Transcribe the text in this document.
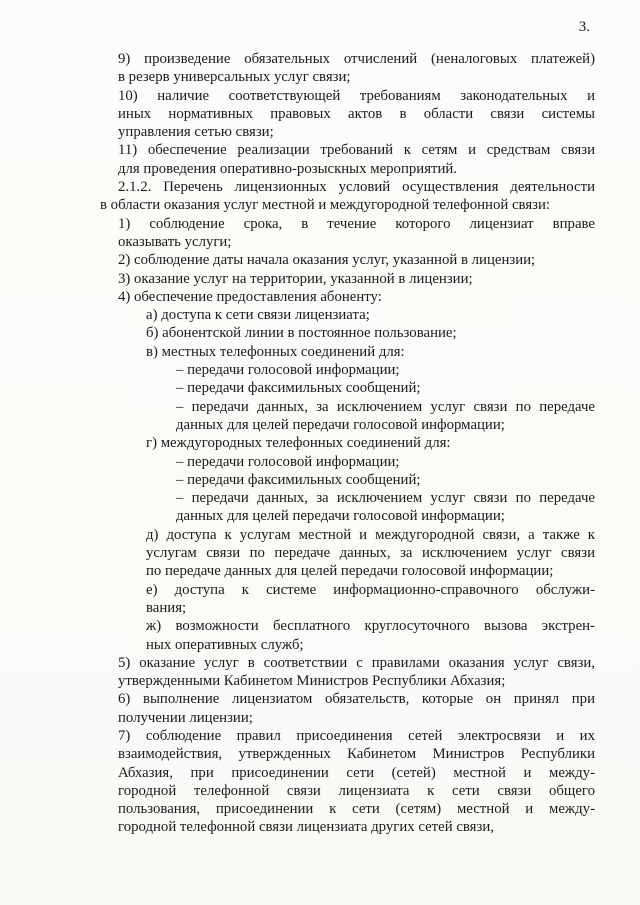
3.
9) произведение обязательных отчислений (неналоговых платежей)
в резерв универсальных услуг связи;
10) наличие соответствующей требованиям законодательных и
иных нормативных правовых актов в области связи системы
управления сетью связи;
11) обеспечение реализации требований к сетям и средствам связи
для проведения оперативно-розыскных мероприятий.
2.1.2. Перечень лицензионных условий осуществления деятельности
в области оказания услуг местной и междугородной телефонной связи:
1) соблюдение срока, в течение которого лицензиат вправе
оказывать услуги;
2) соблюдение даты начала оказания услуг, указанной в лицензии;
3) оказание услуг на территории, указанной в лицензии;
4) обеспечение предоставления абоненту:
а) доступа к сети связи лицензиата;
б) абонентской линии в постоянное пользование;
в) местных телефонных соединений для:
– передачи голосовой информации;
– передачи факсимильных сообщений;
– передачи данных, за исключением услуг связи по передаче
данных для целей передачи голосовой информации;
г) междугородных телефонных соединений для:
– передачи голосовой информации;
– передачи факсимильных сообщений;
– передачи данных, за исключением услуг связи по передаче
данных для целей передачи голосовой информации;
д) доступа к услугам местной и междугородной связи, а также к
услугам связи по передаче данных, за исключением услуг связи
по передаче данных для целей передачи голосовой информации;
е) доступа к системе информационно-справочного обслужи-
вания;
ж) возможности бесплатного круглосуточного вызова экстрен-
ных оперативных служб;
5) оказание услуг в соответствии с правилами оказания услуг связи,
утвержденными Кабинетом Министров Республики Абхазия;
6) выполнение лицензиатом обязательств, которые он принял при
получении лицензии;
7) соблюдение правил присоединения сетей электросвязи и их
взаимодействия, утвержденных Кабинетом Министров Республики
Абхазия, при присоединении сети (сетей) местной и между-
городной телефонной связи лицензиата к сети связи общего
пользования, присоединении к сети (сетям) местной и между-
городной телефонной связи лицензиата других сетей связи,
